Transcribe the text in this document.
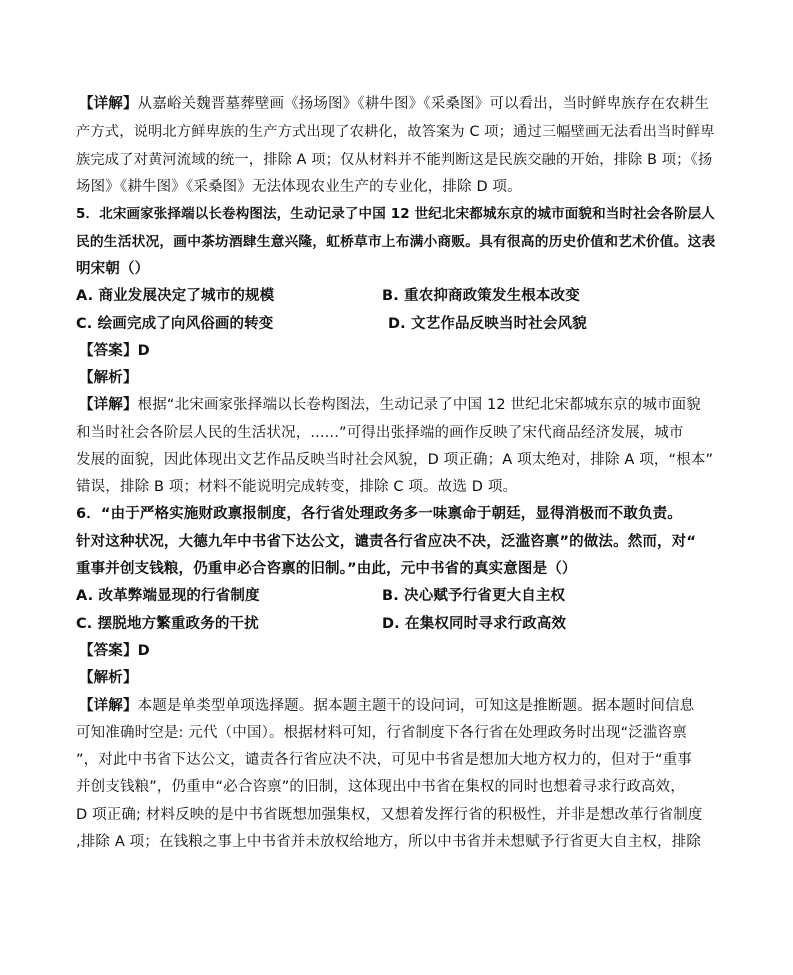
【详解】从嘉峪关魏晋墓葬壁画《扬场图》《耕牛图》《采桑图》可以看出，当时鲜卑族存在农耕生
产方式，说明北方鲜卑族的生产方式出现了农耕化，故答案为 C 项；通过三幅壁画无法看出当时鲜卑
族完成了对黄河流域的统一，排除 A 项；仅从材料并不能判断这是民族交融的开始，排除 B 项；《扬
场图》《耕牛图》《采桑图》无法体现农业生产的专业化，排除 D 项。
5．北宋画家张择端以长卷构图法，生动记录了中国 12 世纪北宋都城东京的城市面貌和当时社会各阶层人
民的生活状况，画中茶坊酒肆生意兴隆，虹桥草市上布满小商贩。具有很高的历史价值和艺术价值。这表
明宋朝（）
A. 商业发展决定了城市的规模	B. 重农抑商政策发生根本改变
C. 绘画完成了向风俗画的转变	D. 文艺作品反映当时社会风貌
【答案】D
【解析】
【详解】根据“北宋画家张择端以长卷构图法，生动记录了中国 12 世纪北宋都城东京的城市面貌
和当时社会各阶层人民的生活状况，......”可得出张择端的画作反映了宋代商品经济发展，城市
发展的面貌，因此体现出文艺作品反映当时社会风貌，D 项正确；A 项太绝对，排除 A 项，“根本”
错误，排除 B 项；材料不能说明完成转变，排除 C 项。故选 D 项。
6．“由于严格实施财政禀报制度，各行省处理政务多一味禀命于朝廷，显得消极而不敢负责。
针对这种状况，大德九年中书省下达公文，谴责各行省应决不决，泛滥咨禀”的做法。然而，对“
重事并创支钱粮，仍重申必合咨禀的旧制。”由此，元中书省的真实意图是（）
A. 改革弊端显现的行省制度	B. 决心赋予行省更大自主权
C. 摆脱地方繁重政务的干扰	D. 在集权同时寻求行政高效
【答案】D
【解析】
【详解】本题是单类型单项选择题。据本题主题干的设问词，可知这是推断题。据本题时间信息
可知准确时空是: 元代（中国）。根据材料可知，行省制度下各行省在处理政务时出现“泛滥咨禀
”，对此中书省下达公文，谴责各行省应决不决，可见中书省是想加大地方权力的，但对于“重事
并创支钱粮”，仍重申“必合咨禀”的旧制，这体现出中书省在集权的同时也想着寻求行政高效，
D 项正确; 材料反映的是中书省既想加强集权，又想着发挥行省的积极性，并非是想改革行省制度
,排除 A 项；在钱粮之事上中书省并未放权给地方，所以中书省并未想赋予行省更大自主权，排除
